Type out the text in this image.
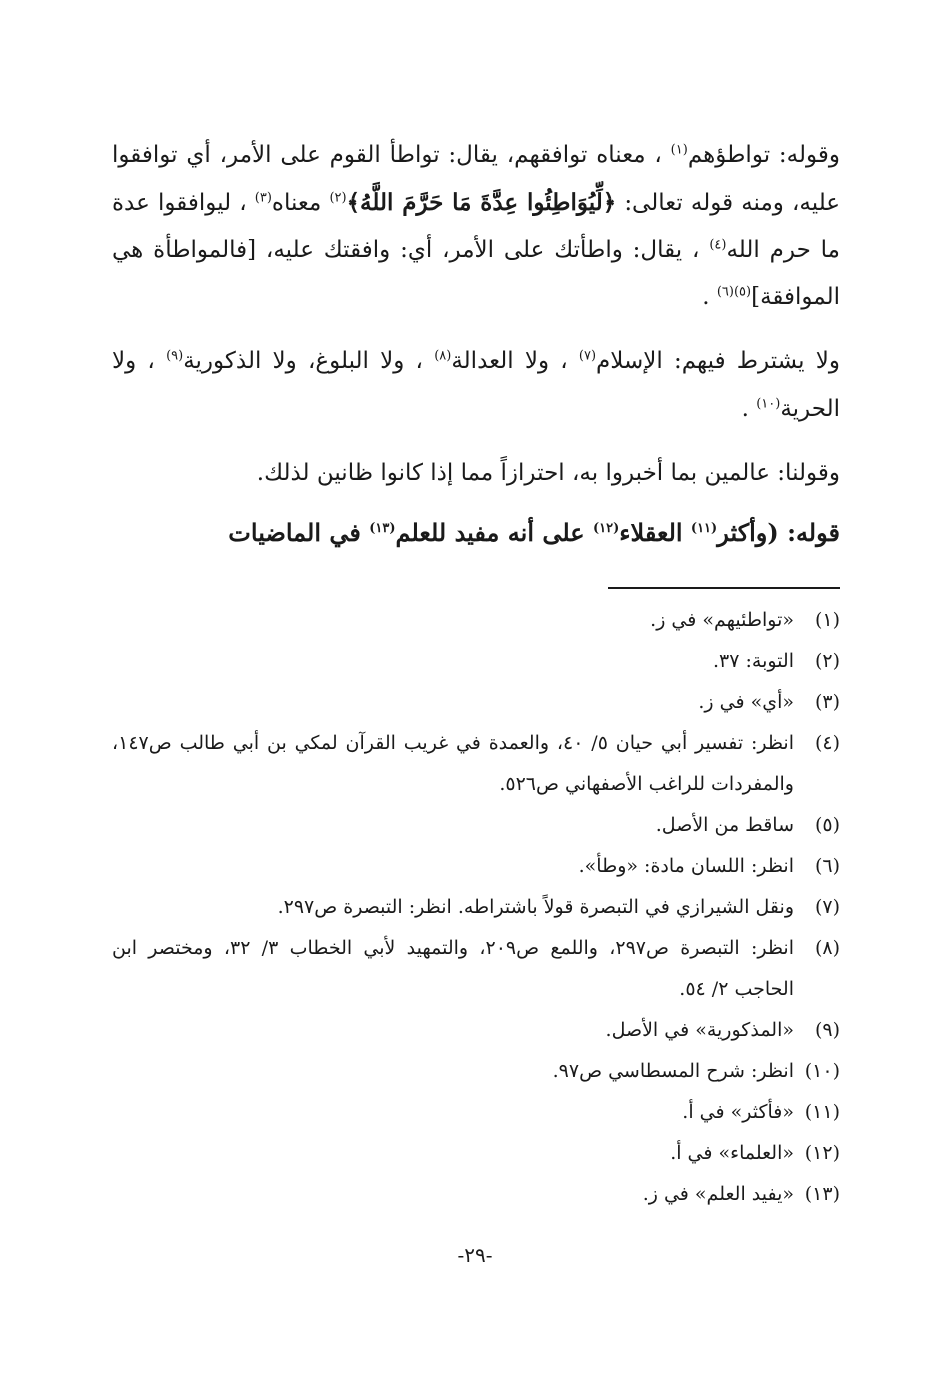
وقوله: تواطؤهم$^{(١)}$ ، معناه توافقهم، يقال: تواطأ القوم على الأمر، أي توافقوا عليه، ومنه قوله تعالى: ﴿لِّيُوَاطِئُوا عِدَّةَ مَا حَرَّمَ اللَّهُ﴾$^{(٢)}$ معناه$^{(٣)}$ ، ليوافقوا عدة ما حرم الله$^{(٤)}$ ، يقال: واطأتك على الأمر، أي: وافقتك عليه، [فالمواطأة هي الموافقة]$^{(٥)(٦)}$ .

ولا يشترط فيهم: الإسلام$^{(٧)}$ ، ولا العدالة$^{(٨)}$ ، ولا البلوغ، ولا الذكورية$^{(٩)}$ ، ولا الحرية$^{(١٠)}$ .

وقولنا: عالمين بما أخبروا به، احترازاً مما إذا كانوا ظانين لذلك.

قوله: (وأكثر$^{(١١)}$ العقلاء$^{(١٢)}$ على أنه مفيد للعلم$^{(١٣)}$ في الماضيات

(١)
«تواطئيهم» في ز.
(٢)
التوبة: ٣٧.
(٣)
«أي» في ز.
(٤)
انظر: تفسير أبي حيان ٥/ ٤٠، والعمدة في غريب القرآن لمكي بن أبي طالب ص١٤٧، والمفردات للراغب الأصفهاني ص٥٢٦.
(٥)
ساقط من الأصل.
(٦)
انظر: اللسان مادة: «وطأ».
(٧)
ونقل الشيرازي في التبصرة قولاً باشتراطه. انظر: التبصرة ص٢٩٧.
(٨)
انظر: التبصرة ص٢٩٧، واللمع ص٢٠٩، والتمهيد لأبي الخطاب ٣/ ٣٢، ومختصر ابن الحاجب ٢/ ٥٤.
(٩)
«المذكورية» في الأصل.
(١٠)
انظر: شرح المسطاسي ص٩٧.
(١١)
«فأكثر» في أ.
(١٢)
«العلماء» في أ.
(١٣)
«يفيد العلم» في ز.
-٢٩-
